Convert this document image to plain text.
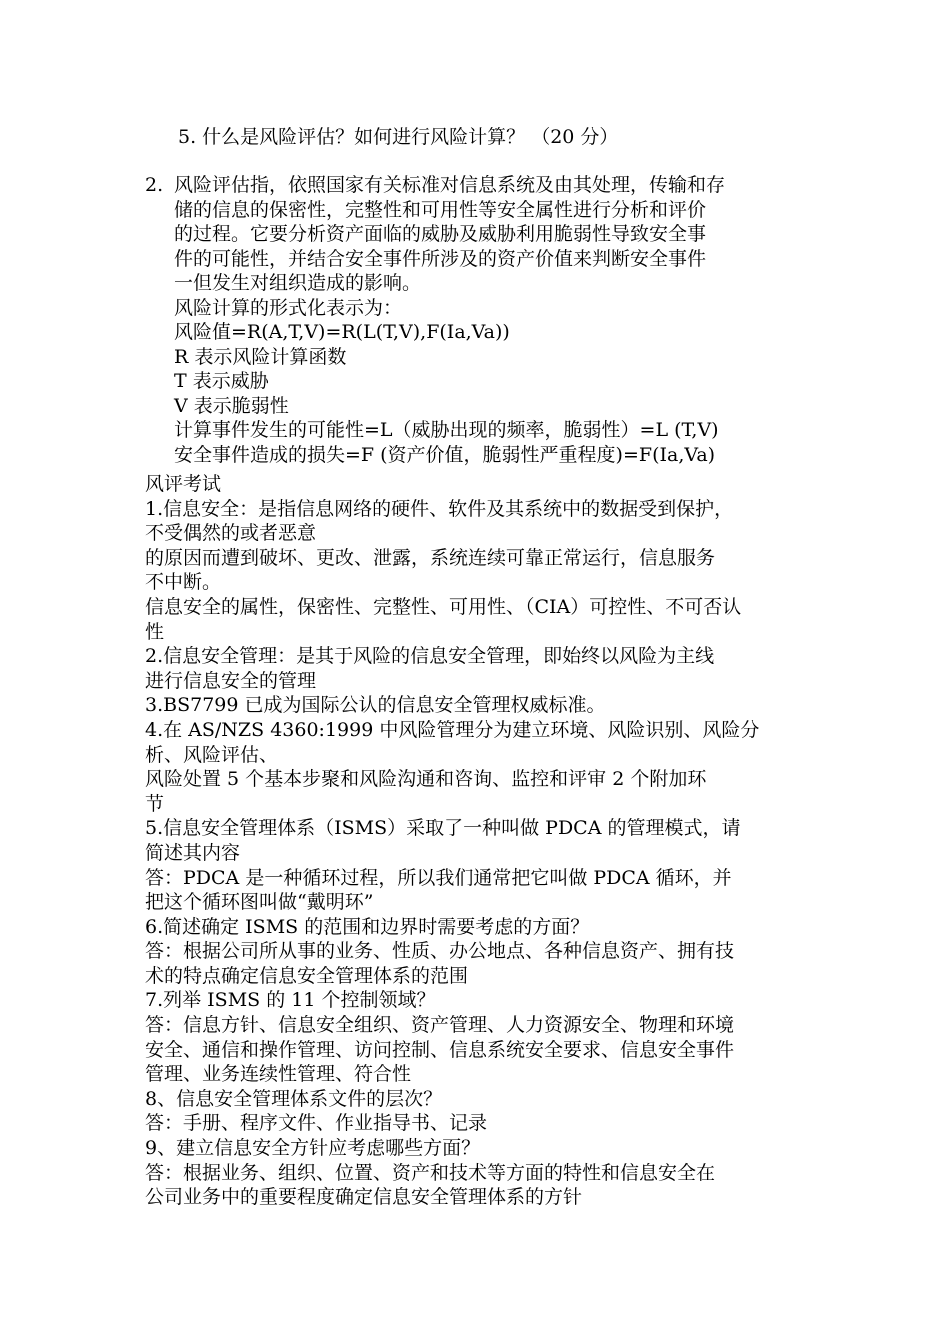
5. 什么是风险评估？如何进行风险计算？ （20 分）
2. 风险评估指，依照国家有关标准对信息系统及由其处理，传输和存
储的信息的保密性，完整性和可用性等安全属性进行分析和评价
的过程。它要分析资产面临的威胁及威胁利用脆弱性导致安全事
件的可能性，并结合安全事件所涉及的资产价值来判断安全事件
一但发生对组织造成的影响。
风险计算的形式化表示为：
风险值=R(A,T,V)=R(L(T,V),F(Ia,Va))
R 表示风险计算函数
T 表示威胁
V 表示脆弱性
计算事件发生的可能性=L（威胁出现的频率，脆弱性）=L (T,V)
安全事件造成的损失=F (资产价值，脆弱性严重程度)=F(Ia,Va)
风评考试
1.信息安全：是指信息网络的硬件、软件及其系统中的数据受到保护，
不受偶然的或者恶意
的原因而遭到破坏、更改、泄露，系统连续可靠正常运行，信息服务
不中断。
信息安全的属性，保密性、完整性、可用性、（CIA）可控性、不可否认
性
2.信息安全管理：是其于风险的信息安全管理，即始终以风险为主线
进行信息安全的管理
3.BS7799 已成为国际公认的信息安全管理权威标准。
4.在 AS/NZS 4360:1999 中风险管理分为建立环境、风险识别、风险分
析、风险评估、
风险处置 5 个基本步聚和风险沟通和咨询、监控和评审 2 个附加环
节
5.信息安全管理体系（ISMS）采取了一种叫做 PDCA 的管理模式，请
简述其内容
答：PDCA 是一种循环过程，所以我们通常把它叫做 PDCA 循环，并
把这个循环图叫做“戴明环”
6.简述确定 ISMS 的范围和边界时需要考虑的方面？
答：根据公司所从事的业务、性质、办公地点、各种信息资产、拥有技
术的特点确定信息安全管理体系的范围
7.列举 ISMS 的 11 个控制领域？
答：信息方针、信息安全组织、资产管理、人力资源安全、物理和环境
安全、通信和操作管理、访问控制、信息系统安全要求、信息安全事件
管理、业务连续性管理、符合性
8、信息安全管理体系文件的层次？
答：手册、程序文件、作业指导书、记录
9、建立信息安全方针应考虑哪些方面？
答：根据业务、组织、位置、资产和技术等方面的特性和信息安全在
公司业务中的重要程度确定信息安全管理体系的方针
